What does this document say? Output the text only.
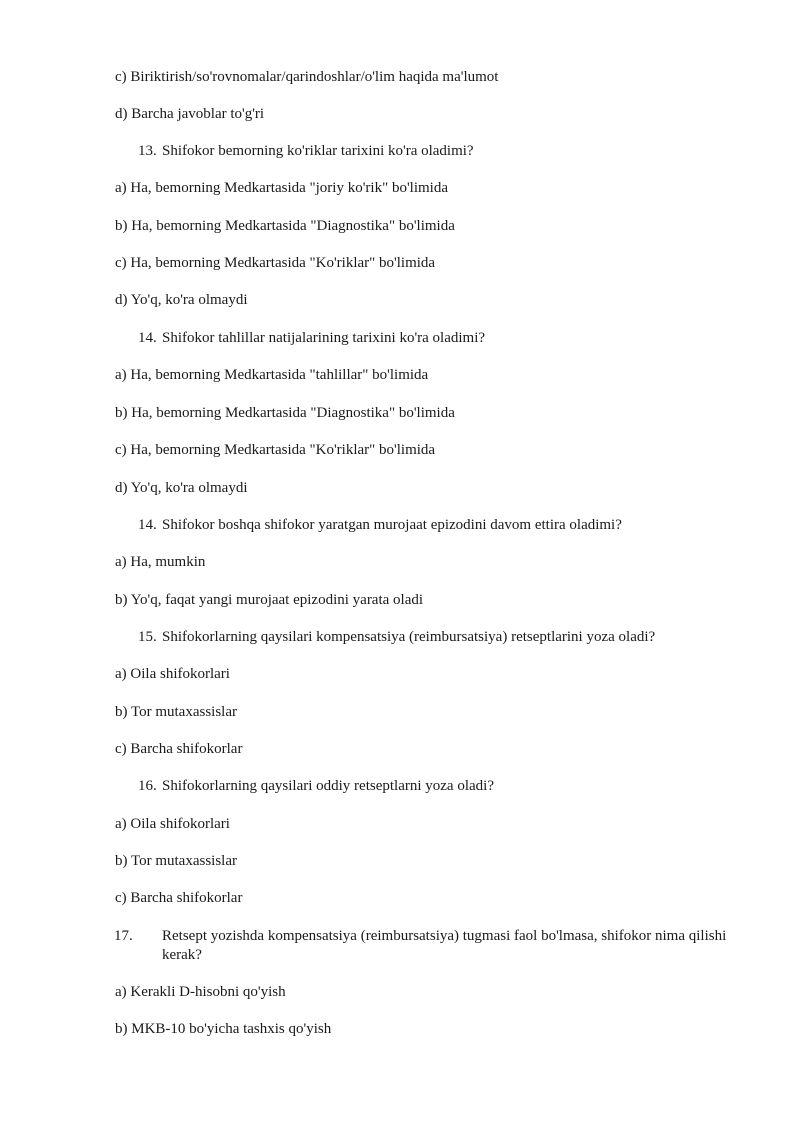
c) Biriktirish/so'rovnomalar/qarindoshlar/o'lim haqida ma'lumot
d) Barcha javoblar to'g'ri
13. Shifokor bemorning ko'riklar tarixini ko'ra oladimi?
a) Ha, bemorning Medkartasida "joriy ko'rik" bo'limida
b) Ha, bemorning Medkartasida "Diagnostika" bo'limida
c) Ha, bemorning Medkartasida "Ko'riklar" bo'limida
d) Yo'q, ko'ra olmaydi
14. Shifokor tahlillar natijalarining tarixini ko'ra oladimi?
a) Ha, bemorning Medkartasida "tahlillar" bo'limida
b) Ha, bemorning Medkartasida "Diagnostika" bo'limida
c) Ha, bemorning Medkartasida "Ko'riklar" bo'limida
d) Yo'q, ko'ra olmaydi
14. Shifokor boshqa shifokor yaratgan murojaat epizodini davom ettira oladimi?
a) Ha, mumkin
b) Yo'q, faqat yangi murojaat epizodini yarata oladi
15. Shifokorlarning qaysilari kompensatsiya (reimbursatsiya) retseptlarini yoza oladi?
a) Oila shifokorlari
b) Tor mutaxassislar
c) Barcha shifokorlar
16. Shifokorlarning qaysilari oddiy retseptlarni yoza oladi?
a) Oila shifokorlari
b) Tor mutaxassislar
c) Barcha shifokorlar
17. Retsept yozishda kompensatsiya (reimbursatsiya) tugmasi faol bo'lmasa, shifokor nima qilishi kerak?
a) Kerakli D-hisobni qo'yish
b) MKB-10 bo'yicha tashxis qo'yish
